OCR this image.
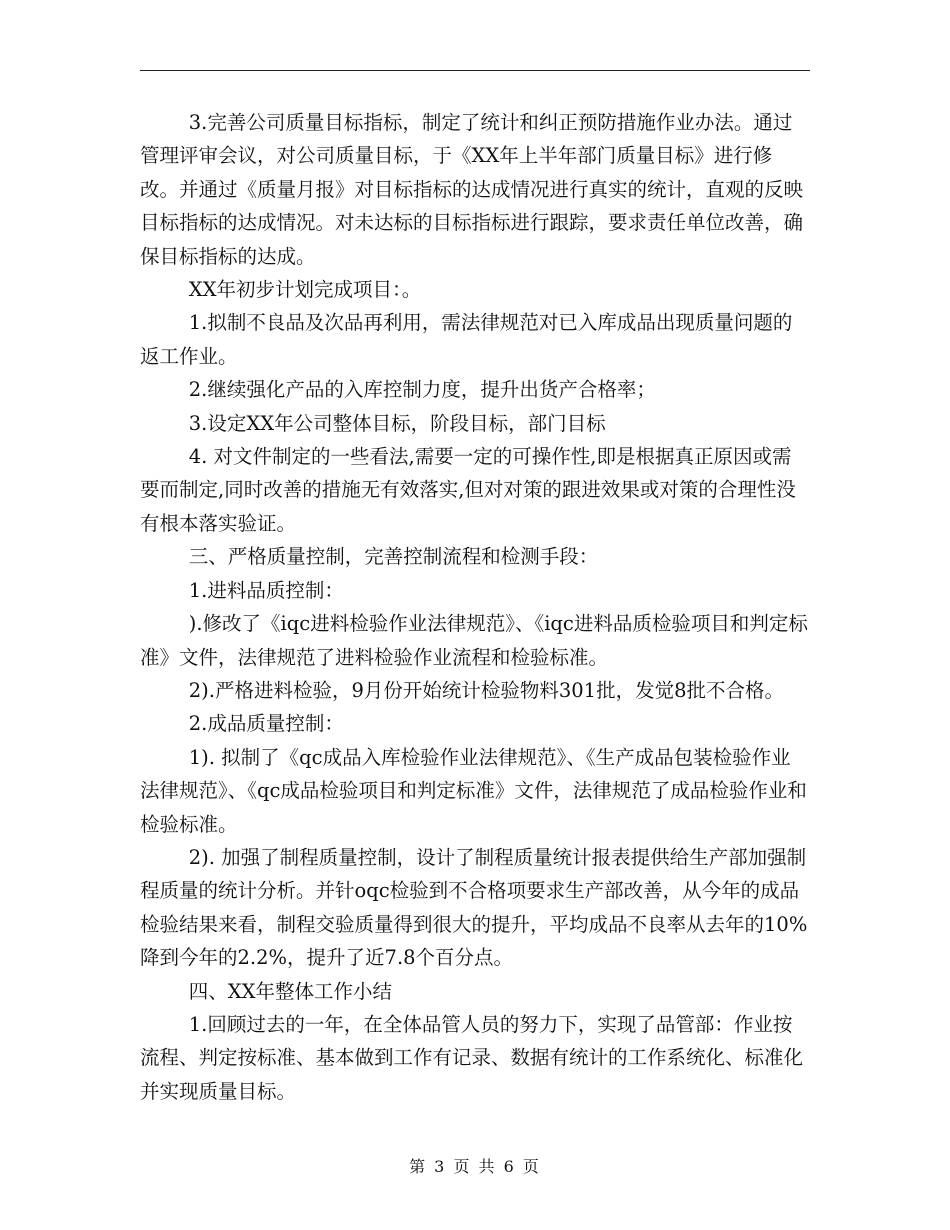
3.完善公司质量目标指标，制定了统计和纠正预防措施作业办法。通过管理评审会议，对公司质量目标，于《XX年上半年部门质量目标》进行修改。并通过《质量月报》对目标指标的达成情况进行真实的统计，直观的反映目标指标的达成情况。对未达标的目标指标进行跟踪，要求责任单位改善，确保目标指标的达成。

XX年初步计划完成项目：。

1.拟制不良品及次品再利用，需法律规范对已入库成品出现质量问题的返工作业。

2.继续强化产品的入库控制力度，提升出货产合格率；

3.设定XX年公司整体目标，阶段目标，部门目标

4. 对文件制定的一些看法,需要一定的可操作性,即是根据真正原因或需要而制定,同时改善的措施无有效落实,但对对策的跟进效果或对策的合理性没有根本落实验证。

三、严格质量控制，完善控制流程和检测手段：

1.进料品质控制：

).修改了《iqc进料检验作业法律规范》、《iqc进料品质检验项目和判定标准》文件，法律规范了进料检验作业流程和检验标准。

2).严格进料检验，9月份开始统计检验物料301批，发觉8批不合格。

2.成品质量控制：

1). 拟制了《qc成品入库检验作业法律规范》、《生产成品包装检验作业法律规范》、《qc成品检验项目和判定标准》文件，法律规范了成品检验作业和检验标准。

2). 加强了制程质量控制，设计了制程质量统计报表提供给生产部加强制程质量的统计分析。并针oqc检验到不合格项要求生产部改善，从今年的成品检验结果来看，制程交验质量得到很大的提升，平均成品不良率从去年的10%降到今年的2.2%，提升了近7.8个百分点。

四、XX年整体工作小结

1.回顾过去的一年，在全体品管人员的努力下，实现了品管部：作业按流程、判定按标准、基本做到工作有记录、数据有统计的工作系统化、标准化并实现质量目标。

第 3 页 共 6 页
